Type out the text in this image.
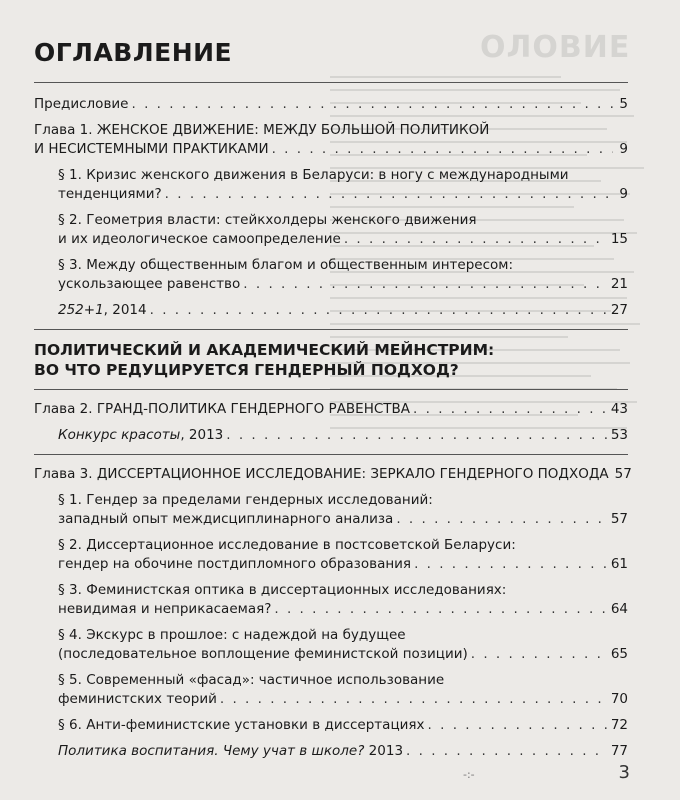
ОЛОВИЕ
ОГЛАВЛЕНИЕ
Предисловие . . .	5
Глава 1. ЖЕНСКОЕ ДВИЖЕНИЕ: МЕЖДУ БОЛЬШОЙ ПОЛИТИКОЙ
И НЕСИСТЕМНЫМИ ПРАКТИКАМИ . . .	9
§ 1. Кризис женского движения в Беларуси: в ногу с международными
тенденциями? . . .	9
§ 2. Геометрия власти: стейкхолдеры женского движения
и их идеологическое самоопределение . . .	15
§ 3. Между общественным благом и общественным интересом:
ускользающее равенство . . .	21
252+1, 2014 . . .	27
ПОЛИТИЧЕСКИЙ И АКАДЕМИЧЕСКИЙ МЕЙНСТРИМ:
ВО ЧТО РЕДУЦИРУЕТСЯ ГЕНДЕРНЫЙ ПОДХОД?
Глава 2. ГРАНД-ПОЛИТИКА ГЕНДЕРНОГО РАВЕНСТВА . . .	43
Конкурс красоты, 2013 . . .	53
Глава 3. ДИССЕРТАЦИОННОЕ ИССЛЕДОВАНИЕ: ЗЕРКАЛО ГЕНДЕРНОГО ПОДХОДА 57
§ 1. Гендер за пределами гендерных исследований:
западный опыт междисциплинарного анализа . . .	57
§ 2. Диссертационное исследование в постсоветской Беларуси:
гендер на обочине постдипломного образования . . .	61
§ 3. Феминистская оптика в диссертационных исследованиях:
невидимая и неприкасаемая? . . .	64
§ 4. Экскурс в прошлое: с надеждой на будущее
(последовательное воплощение феминистской позиции) . . .	65
§ 5. Современный «фасад»: частичное использование
феминистских теорий . . .	70
§ 6. Анти-феминистские установки в диссертациях . . .	72
Политика воспитания. Чему учат в школе? 2013 . . .	77
-:-	3
